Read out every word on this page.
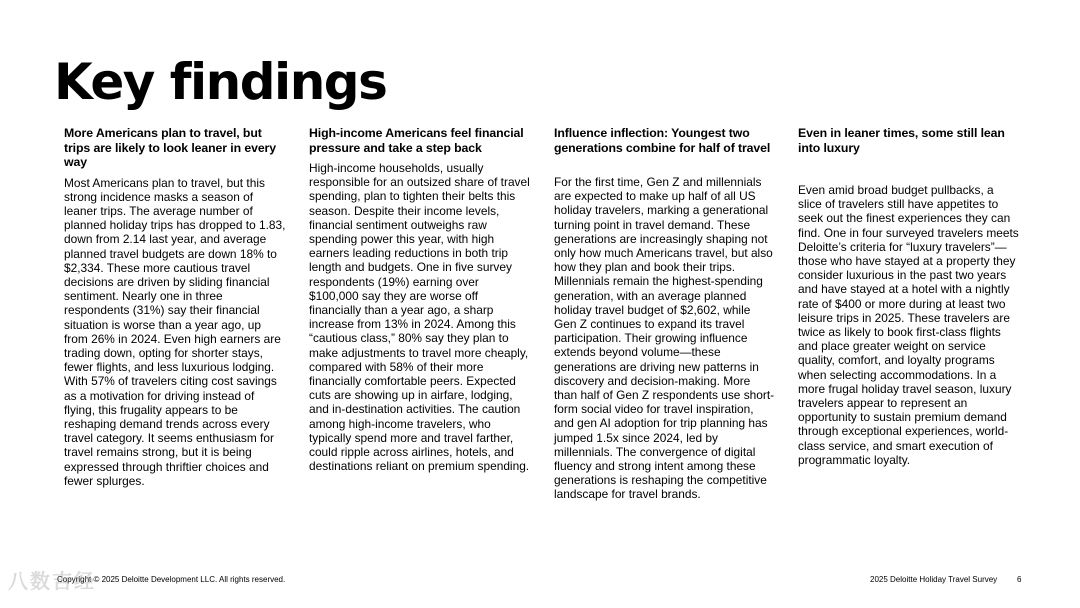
Key findings
More Americans plan to travel, but trips are likely to look leaner in every way

Most Americans plan to travel, but this strong incidence masks a season of leaner trips. The average number of planned holiday trips has dropped to 1.83, down from 2.14 last year, and average planned travel budgets are down 18% to $2,334. These more cautious travel decisions are driven by sliding financial sentiment. Nearly one in three respondents (31%) say their financial situation is worse than a year ago, up from 26% in 2024. Even high earners are trading down, opting for shorter stays, fewer flights, and less luxurious lodging. With 57% of travelers citing cost savings as a motivation for driving instead of flying, this frugality appears to be reshaping demand trends across every travel category. It seems enthusiasm for travel remains strong, but it is being expressed through thriftier choices and fewer splurges.

High-income Americans feel financial pressure and take a step back

High-income households, usually responsible for an outsized share of travel spending, plan to tighten their belts this season. Despite their income levels, financial sentiment outweighs raw spending power this year, with high earners leading reductions in both trip length and budgets. One in five survey respondents (19%) earning over $100,000 say they are worse off financially than a year ago, a sharp increase from 13% in 2024. Among this “cautious class,” 80% say they plan to make adjustments to travel more cheaply, compared with 58% of their more financially comfortable peers. Expected cuts are showing up in airfare, lodging, and in-destination activities. The caution among high-income travelers, who typically spend more and travel farther, could ripple across airlines, hotels, and destinations reliant on premium spending.

Influence inflection: Youngest two generations combine for half of travel

For the first time, Gen Z and millennials are expected to make up half of all US holiday travelers, marking a generational turning point in travel demand. These generations are increasingly shaping not only how much Americans travel, but also how they plan and book their trips. Millennials remain the highest-spending generation, with an average planned holiday travel budget of $2,602, while Gen Z continues to expand its travel participation. Their growing influence extends beyond volume—these generations are driving new patterns in discovery and decision-making. More than half of Gen Z respondents use short-form social video for travel inspiration, and gen AI adoption for trip planning has jumped 1.5x since 2024, led by millennials. The convergence of digital fluency and strong intent among these generations is reshaping the competitive landscape for travel brands.

Even in leaner times, some still lean into luxury

Even amid broad budget pullbacks, a slice of travelers still have appetites to seek out the finest experiences they can find. One in four surveyed travelers meets Deloitte’s criteria for “luxury travelers”—those who have stayed at a property they consider luxurious in the past two years and have stayed at a hotel with a nightly rate of $400 or more during at least two leisure trips in 2025. These travelers are twice as likely to book first-class flights and place greater weight on service quality, comfort, and loyalty programs when selecting accommodations. In a more frugal holiday travel season, luxury travelers appear to represent an opportunity to sustain premium demand through exceptional experiences, world-class service, and smart execution of programmatic loyalty.

Copyright © 2025 Deloitte Development LLC. All rights reserved.	2025 Deloitte Holiday Travel Survey 6
八数吉经
